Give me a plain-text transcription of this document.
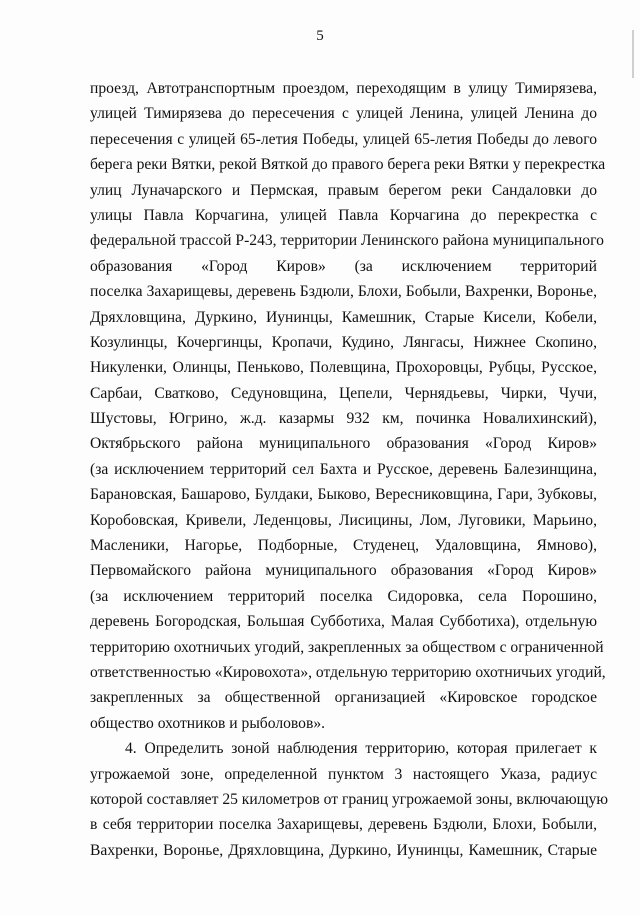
5
проезд, Автотранспортным проездом, переходящим в улицу Тимирязева,
улицей Тимирязева до пересечения с улицей Ленина, улицей Ленина до
пересечения с улицей 65-летия Победы, улицей 65-летия Победы до левого
берега реки Вятки, рекой Вяткой до правого берега реки Вятки у перекрестка
улиц Луначарского и Пермская, правым берегом реки Сандаловки до
улицы Павла Корчагина, улицей Павла Корчагина до перекрестка с
федеральной трассой Р-243, территории Ленинского района муниципального
образования «Город Киров» (за исключением территорий
поселка Захарищевы, деревень Бздюли, Блохи, Бобыли, Вахренки, Воронье,
Дряхловщина, Дуркино, Иунинцы, Камешник, Старые Кисели, Кобели,
Козулинцы, Кочергинцы, Кропачи, Кудино, Лянгасы, Нижнее Скопино,
Никуленки, Олинцы, Пеньково, Полевщина, Прохоровцы, Рубцы, Русское,
Сарбаи, Сватково, Седуновщина, Цепели, Чернядьевы, Чирки, Чучи,
Шустовы, Югрино, ж.д. казармы 932 км, починка Новалихинский),
Октябрьского района муниципального образования «Город Киров»
(за исключением территорий сел Бахта и Русское, деревень Балезинщина,
Барановская, Башарово, Булдаки, Быково, Вересниковщина, Гари, Зубковы,
Коробовская, Кривели, Леденцовы, Лисицины, Лом, Луговики, Марьино,
Масленики, Нагорье, Подборные, Студенец, Удаловщина, Ямново),
Первомайского района муниципального образования «Город Киров»
(за исключением территорий поселка Сидоровка, села Порошино,
деревень Богородская, Большая Субботиха, Малая Субботиха), отдельную
территорию охотничьих угодий, закрепленных за обществом с ограниченной
ответственностью «Кировохота», отдельную территорию охотничьих угодий,
закрепленных за общественной организацией «Кировское городское
общество охотников и рыболовов».
4. Определить зоной наблюдения территорию, которая прилегает к
угрожаемой зоне, определенной пунктом 3 настоящего Указа, радиус
которой составляет 25 километров от границ угрожаемой зоны, включающую
в себя территории поселка Захарищевы, деревень Бздюли, Блохи, Бобыли,
Вахренки, Воронье, Дряхловщина, Дуркино, Иунинцы, Камешник, Старые
